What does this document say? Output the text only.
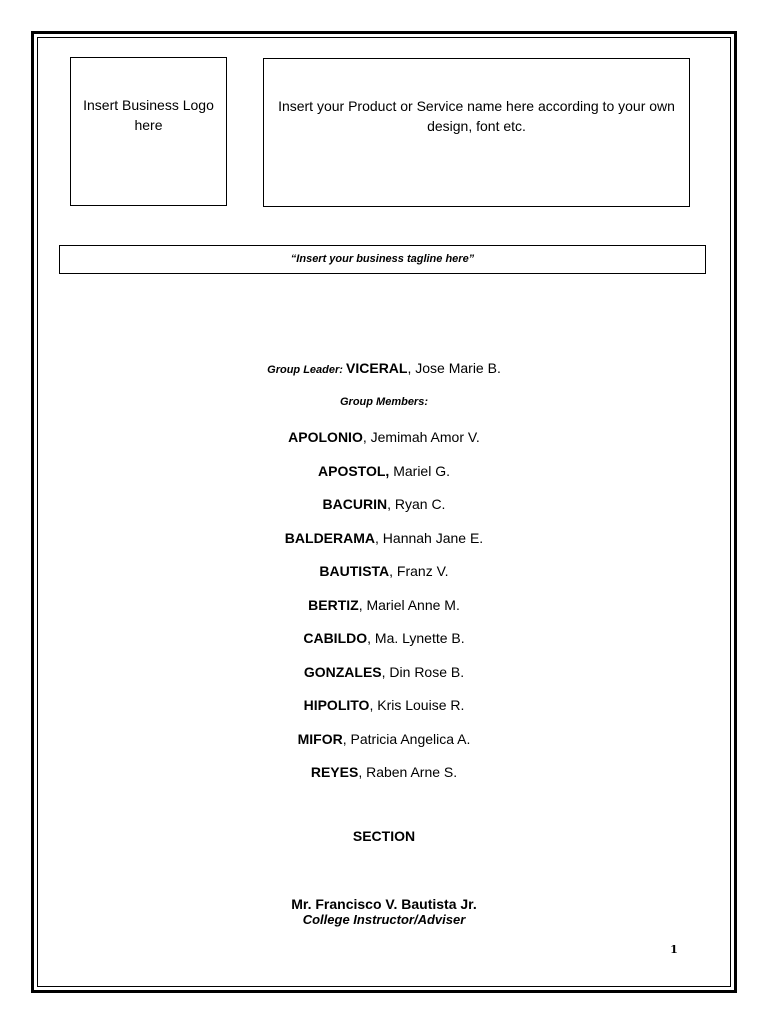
Insert Business Logo here
Insert your Product or Service name here according to your own design, font etc.
“Insert your business tagline here”
Group Leader: VICERAL, Jose Marie B.
Group Members:
APOLONIO, Jemimah Amor V.
APOSTOL, Mariel G.
BACURIN, Ryan C.
BALDERAMA, Hannah Jane E.
BAUTISTA, Franz V.
BERTIZ, Mariel Anne M.
CABILDO, Ma. Lynette B.
GONZALES, Din Rose B.
HIPOLITO, Kris Louise R.
MIFOR, Patricia Angelica A.
REYES, Raben Arne S.
SECTION
Mr. Francisco V. Bautista Jr.
College Instructor/Adviser
1
